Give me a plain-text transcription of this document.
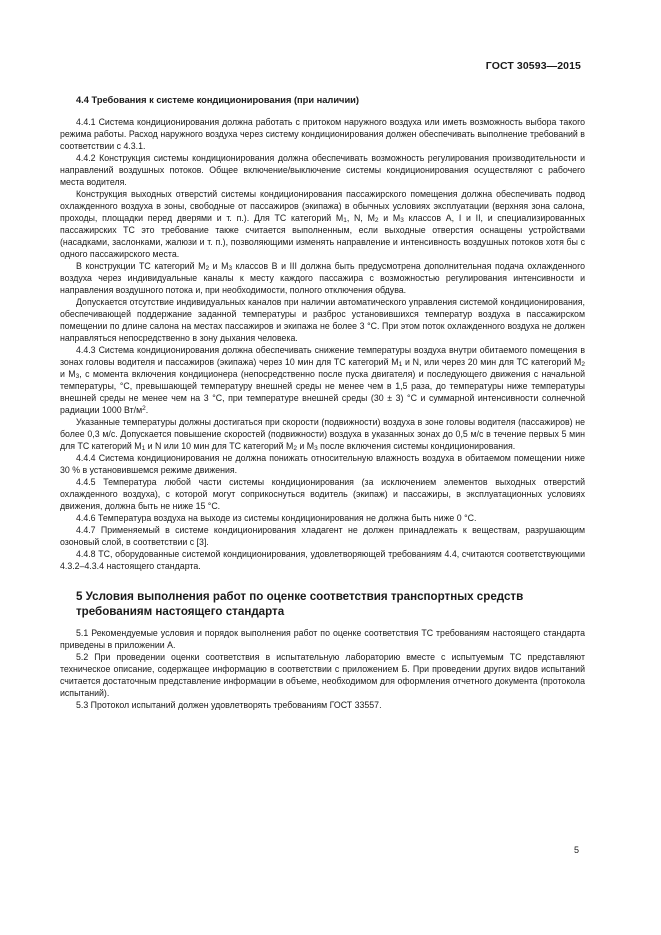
ГОСТ 30593—2015
4.4 Требования к системе кондиционирования (при наличии)

4.4.1 Система кондиционирования должна работать с притоком наружного воздуха или иметь возможность выбора такого режима работы. Расход наружного воздуха через систему кондиционирования должен обеспечивать выполнение требований в соответствии с 4.3.1.

4.4.2 Конструкция системы кондиционирования должна обеспечивать возможность регулирования производительности и направлений воздушных потоков. Общее включение/выключение системы кондиционирования осуществляют с рабочего места водителя.

Конструкция выходных отверстий системы кондиционирования пассажирского помещения должна обеспечивать подвод охлажденного воздуха в зоны, свободные от пассажиров (экипажа) в обычных условиях эксплуатации (верхняя зона салона, проходы, площадки перед дверями и т. п.). Для ТС категорий $M_1$, N, $M_2$ и $M_3$ классов А, I и II, и специализированных пассажирских ТС это требование также считается выполненным, если выходные отверстия оснащены устройствами (насадками, заслонками, жалюзи и т. п.), позволяющими изменять направление и интенсивность воздушных потоков хотя бы с одного пассажирского места.

В конструкции ТС категорий $M_2$ и $M_3$ классов В и III должна быть предусмотрена дополнительная подача охлажденного воздуха через индивидуальные каналы к месту каждого пассажира с возможностью регулирования интенсивности и направления воздушного потока и, при необходимости, полного отключения обдува.

Допускается отсутствие индивидуальных каналов при наличии автоматического управления системой кондиционирования, обеспечивающей поддержание заданной температуры и разброс установившихся температур воздуха в пассажирском помещении по длине салона на местах пассажиров и экипажа не более 3 °С. При этом поток охлажденного воздуха не должен направляться непосредственно в зону дыхания человека.

4.4.3 Система кондиционирования должна обеспечивать снижение температуры воздуха внутри обитаемого помещения в зонах головы водителя и пассажиров (экипажа) через 10 мин для ТС категорий $M_1$ и N, или через 20 мин для ТС категорий $M_2$ и $M_3$, с момента включения кондиционера (непосредственно после пуска двигателя) и последующего движения с начальной температуры, °С, превышающей температуру внешней среды не менее чем в 1,5 раза, до температуры ниже температуры внешней среды не менее чем на 3 °С, при температуре внешней среды (30 ± 3) °С и суммарной интенсивности солнечной радиации 1000 $Вт/м^2$.

Указанные температуры должны достигаться при скорости (подвижности) воздуха в зоне головы водителя (пассажиров) не более 0,3 м/с. Допускается повышение скоростей (подвижности) воздуха в указанных зонах до 0,5 м/с в течение первых 5 мин для ТС категорий $M_1$ и N или 10 мин для ТС категорий $M_2$ и $M_3$ после включения системы кондиционирования.

4.4.4 Система кондиционирования не должна понижать относительную влажность воздуха в обитаемом помещении ниже 30 % в установившемся режиме движения.

4.4.5 Температура любой части системы кондиционирования (за исключением элементов выходных отверстий охлажденного воздуха), с которой могут соприкоснуться водитель (экипаж) и пассажиры, в эксплуатационных условиях движения, должна быть не ниже 15 °С.

4.4.6 Температура воздуха на выходе из системы кондиционирования не должна быть ниже 0 °С.

4.4.7 Применяемый в системе кондиционирования хладагент не должен принадлежать к веществам, разрушающим озоновый слой, в соответствии с [3].

4.4.8 ТС, оборудованные системой кондиционирования, удовлетворяющей требованиям 4.4, считаются соответствующими 4.3.2–4.3.4 настоящего стандарта.

5 Условия выполнения работ по оценке соответствия транспортных средств требованиям настоящего стандарта

5.1 Рекомендуемые условия и порядок выполнения работ по оценке соответствия ТС требованиям настоящего стандарта приведены в приложении А.

5.2 При проведении оценки соответствия в испытательную лабораторию вместе с испытуемым ТС представляют техническое описание, содержащее информацию в соответствии с приложением Б. При проведении других видов испытаний считается достаточным представление информации в объеме, необходимом для оформления отчетного документа (протокола испытаний).

5.3 Протокол испытаний должен удовлетворять требованиям ГОСТ 33557.

5
